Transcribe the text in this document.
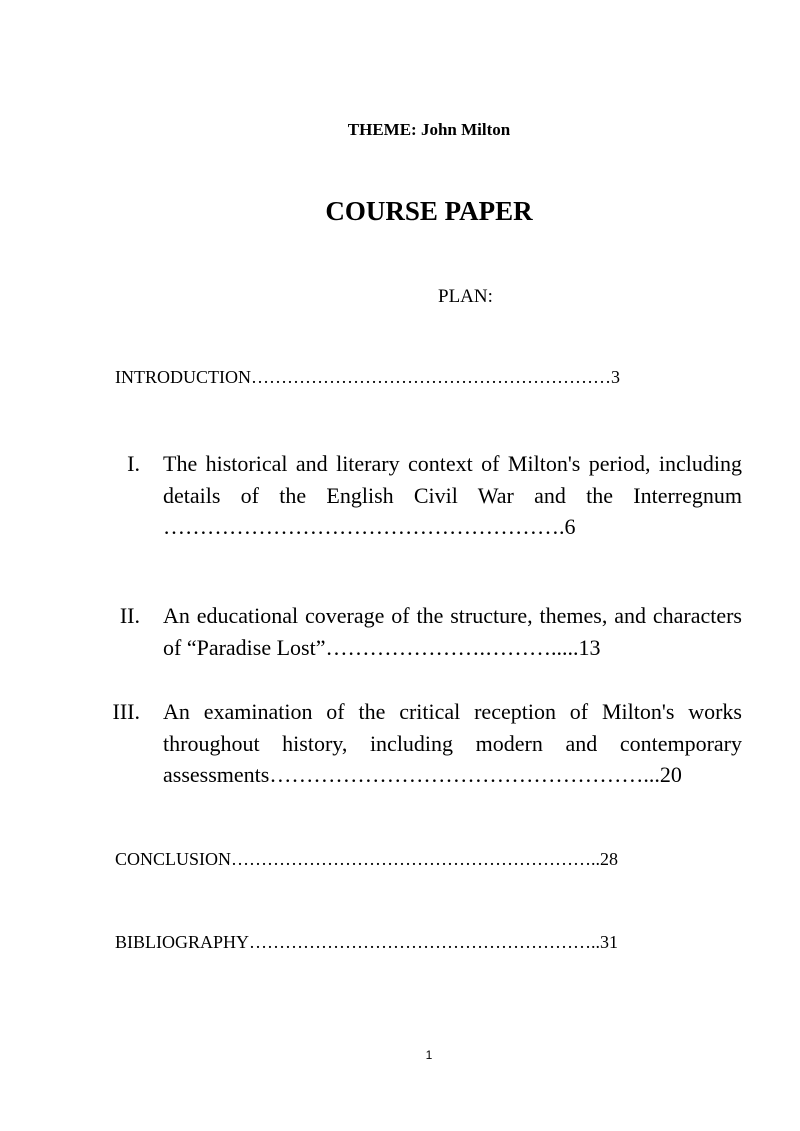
THEME: John Milton
COURSE PAPER
PLAN:
INTRODUCTION……………………………………………………3
I. The historical and literary context of Milton's period, including details of the English Civil War and the Interregnum ……………………………………………….6
II. An educational coverage of the structure, themes, and characters of “Paradise Lost”………………….……….....13
III. An examination of the critical reception of Milton's works throughout history, including modern and contemporary assessments……………………………………………...20
CONCLUSION……………………………………………………..28
BIBLIOGRAPHY…………………………………………………..31
1
